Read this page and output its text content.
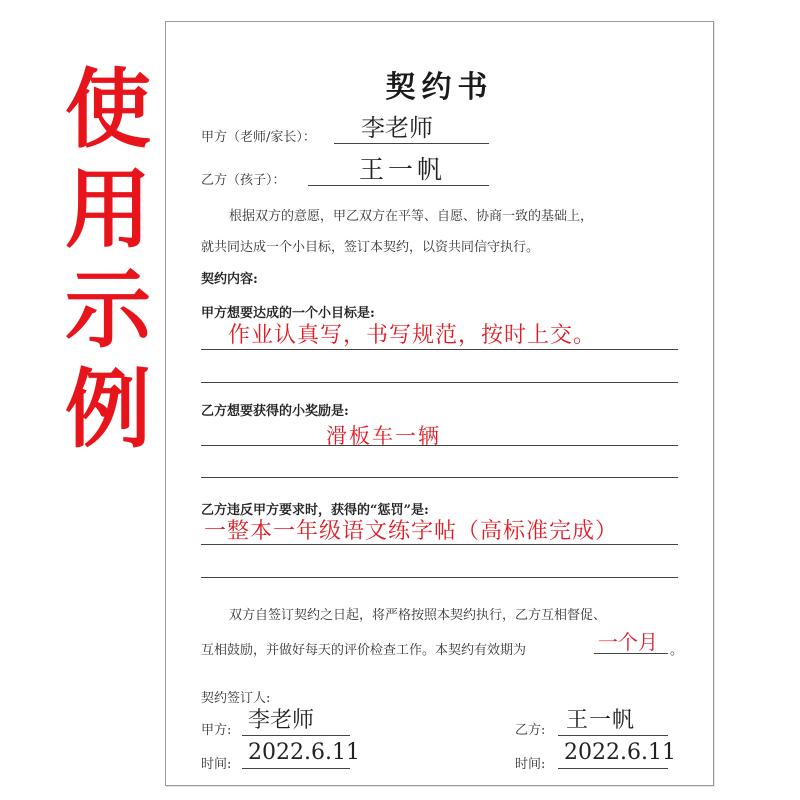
使
用
示
例
契约书
甲方（老师/家长）： 李老师
乙方（孩子）：	王一帆
根据双方的意愿，甲乙双方在平等、自愿、协商一致的基础上，
就共同达成一个小目标，签订本契约，以资共同信守执行。
契约内容:
甲方想要达成的一个小目标是:
作业认真写，书写规范，按时上交。
乙方想要获得的小奖励是:
滑板车一辆
乙方违反甲方要求时，获得的“惩罚”是:
一整本一年级语文练字帖（高标准完成）
双方自签订契约之日起，将严格按照本契约执行，乙方互相督促、
互相鼓励，并做好每天的评价检查工作。本契约有效期为	一个月 。
契约签订人:
甲方: 李老师	乙方: 王一帆
时间: 2022.6.11	时间: 2022.6.11
